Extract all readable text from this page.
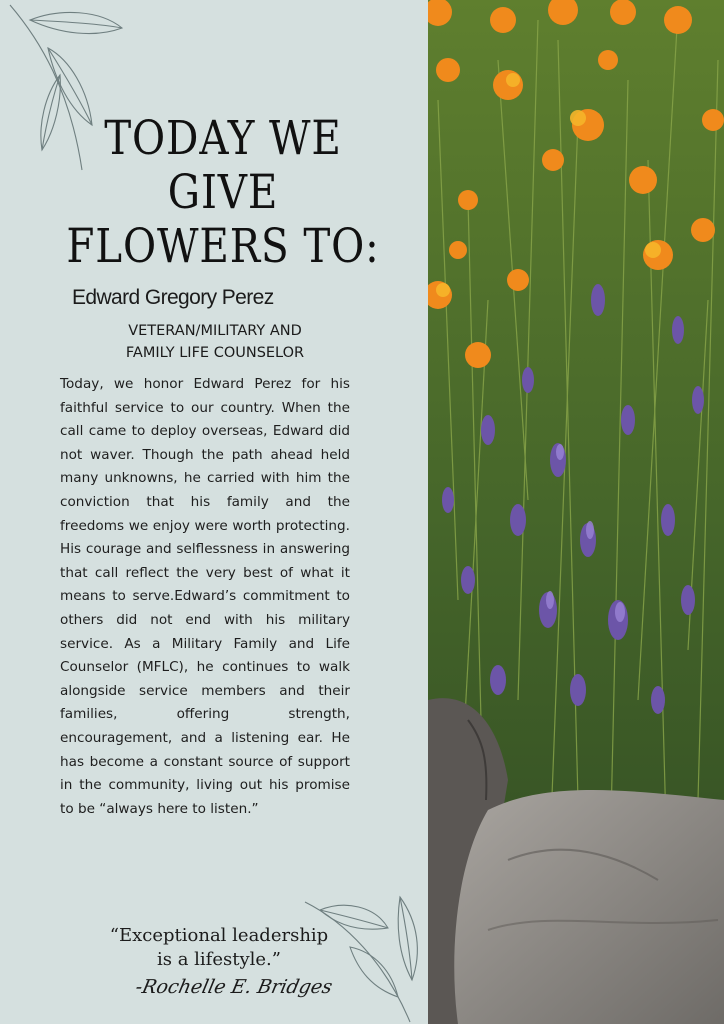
TODAY WE
GIVE
FLOWERS TO:
Edward Gregory Perez
VETERAN/MILITARY AND
FAMILY LIFE COUNSELOR
Today, we honor Edward Perez for his faithful service to our country. When the call came to deploy overseas, Edward did not waver. Though the path ahead held many unknowns, he carried with him the conviction that his family and the freedoms we enjoy were worth protecting. His courage and selflessness in answering that call reflect the very best of what it means to serve.Edward’s commitment to others did not end with his military service. As a Military Family and Life Counselor (MFLC), he continues to walk alongside service members and their families, offering strength, encouragement, and a listening ear. He has become a constant source of support in the community, living out his promise to be “always here to listen.”
“Exceptional leadership
is a lifestyle.”
-Rochelle E. Bridges
